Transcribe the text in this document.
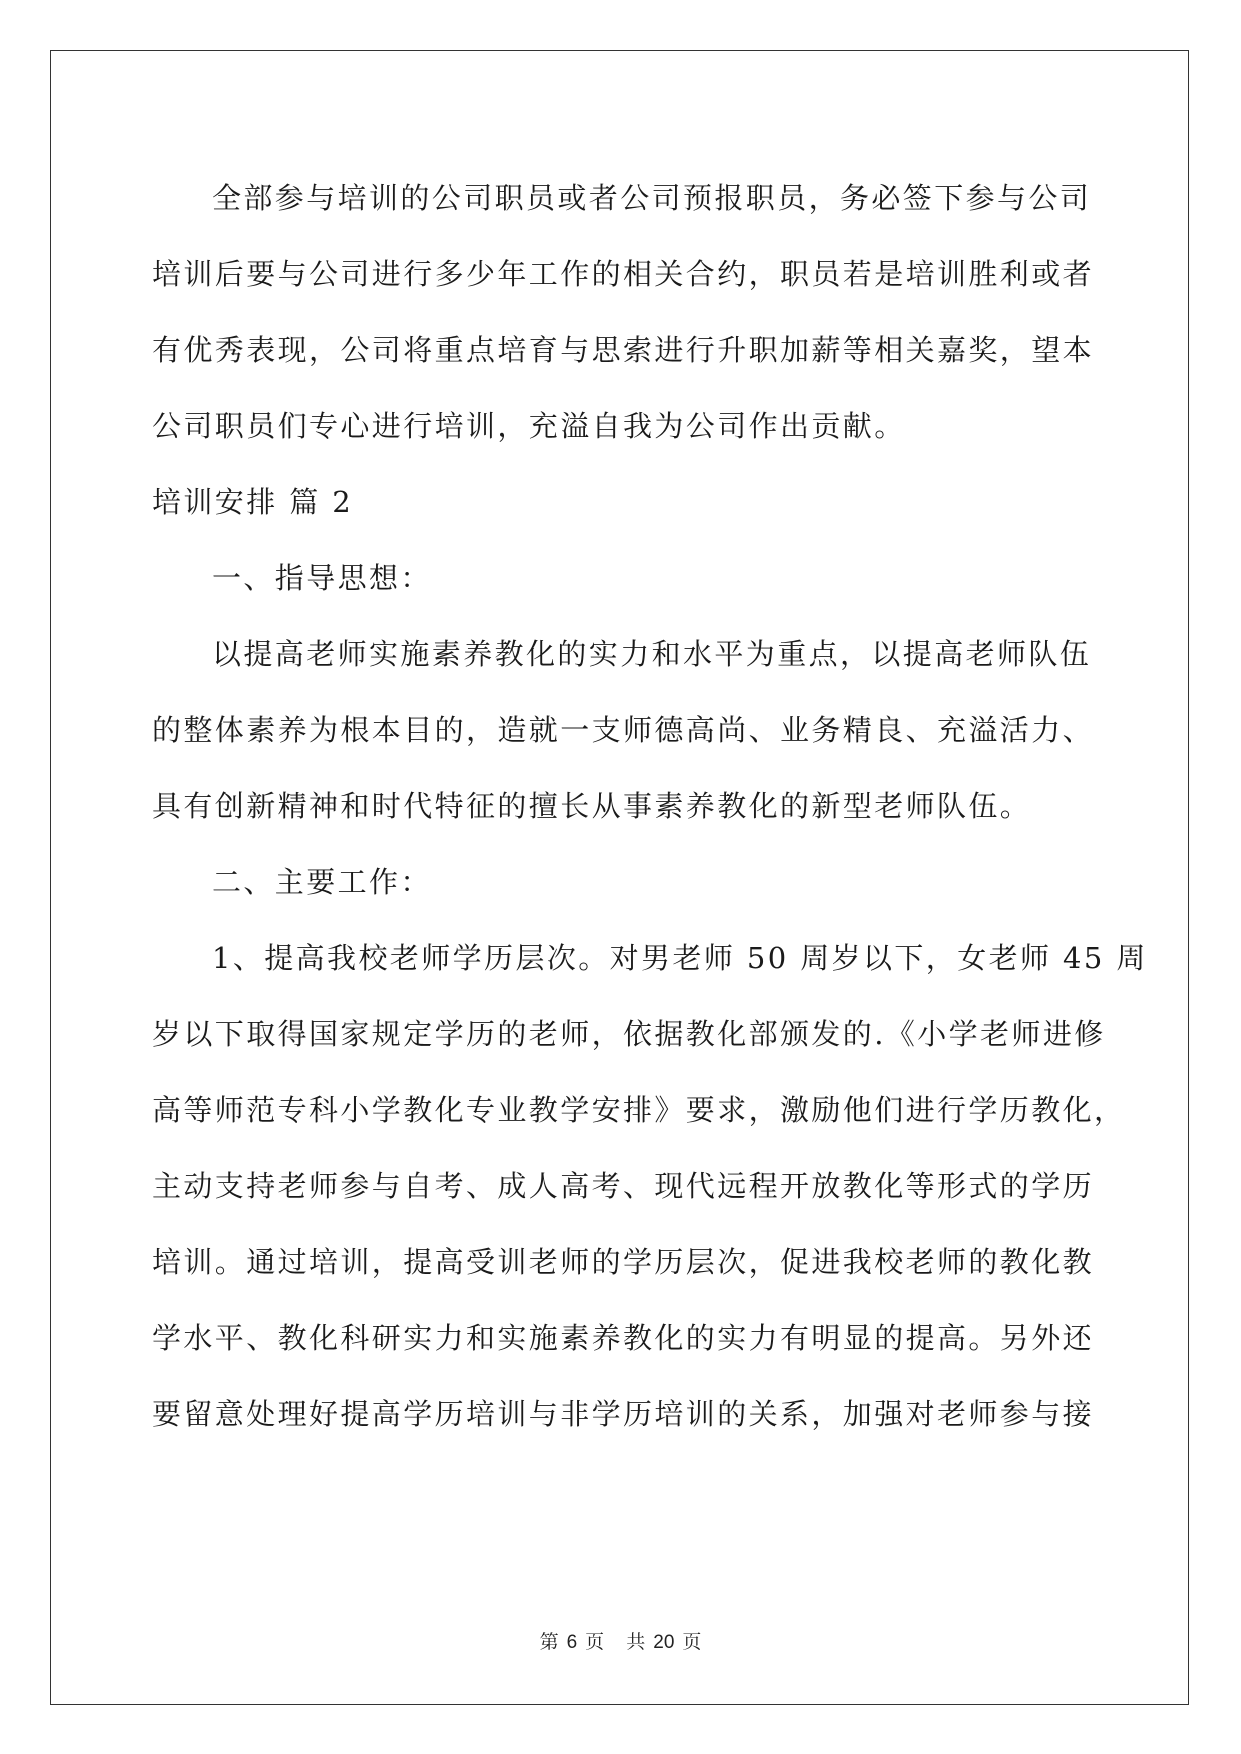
全部参与培训的公司职员或者公司预报职员，务必签下参与公司
培训后要与公司进行多少年工作的相关合约，职员若是培训胜利或者
有优秀表现，公司将重点培育与思索进行升职加薪等相关嘉奖，望本
公司职员们专心进行培训，充溢自我为公司作出贡献。
培训安排 篇 2
一、指导思想：
以提高老师实施素养教化的实力和水平为重点，以提高老师队伍
的整体素养为根本目的，造就一支师德高尚、业务精良、充溢活力、
具有创新精神和时代特征的擅长从事素养教化的新型老师队伍。
二、主要工作：
1、提高我校老师学历层次。对男老师 50 周岁以下，女老师 45 周
岁以下取得国家规定学历的老师，依据教化部颁发的.《小学老师进修
高等师范专科小学教化专业教学安排》要求，激励他们进行学历教化，
主动支持老师参与自考、成人高考、现代远程开放教化等形式的学历
培训。通过培训，提高受训老师的学历层次，促进我校老师的教化教
学水平、教化科研实力和实施素养教化的实力有明显的提高。另外还
要留意处理好提高学历培训与非学历培训的关系，加强对老师参与接
第 6 页 共 20 页
